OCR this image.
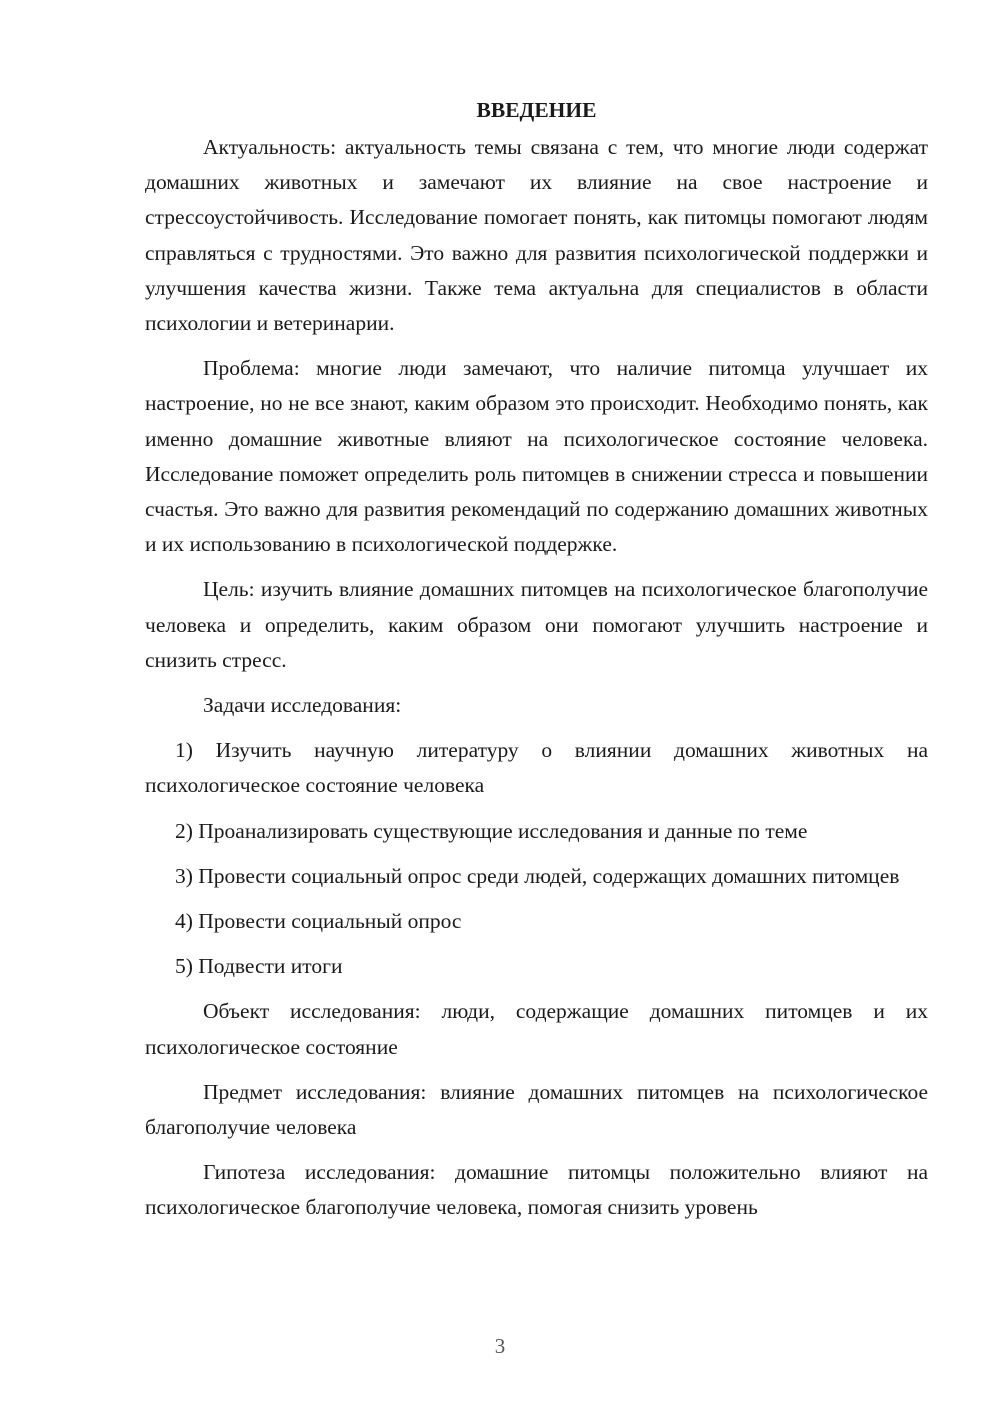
ВВЕДЕНИЕ

Актуальность: актуальность темы связана с тем, что многие люди содержат домашних животных и замечают их влияние на свое настроение и стрессоустойчивость. Исследование помогает понять, как питомцы помогают людям справляться с трудностями. Это важно для развития психологической поддержки и улучшения качества жизни. Также тема актуальна для специалистов в области психологии и ветеринарии.

Проблема: многие люди замечают, что наличие питомца улучшает их настроение, но не все знают, каким образом это происходит. Необходимо понять, как именно домашние животные влияют на психологическое состояние человека. Исследование поможет определить роль питомцев в снижении стресса и повышении счастья. Это важно для развития рекомендаций по содержанию домашних животных и их использованию в психологической поддержке.

Цель: изучить влияние домашних питомцев на психологическое благополучие человека и определить, каким образом они помогают улучшить настроение и снизить стресс.

Задачи исследования:

1) Изучить научную литературу о влиянии домашних животных на психологическое состояние человека

2) Проанализировать существующие исследования и данные по теме

3) Провести социальный опрос среди людей, содержащих домашних питомцев

4) Провести социальный опрос

5) Подвести итоги

Объект исследования: люди, содержащие домашних питомцев и их психологическое состояние

Предмет исследования: влияние домашних питомцев на психологическое благополучие человека

Гипотеза исследования: домашние питомцы положительно влияют на психологическое благополучие человека, помогая снизить уровень

3
